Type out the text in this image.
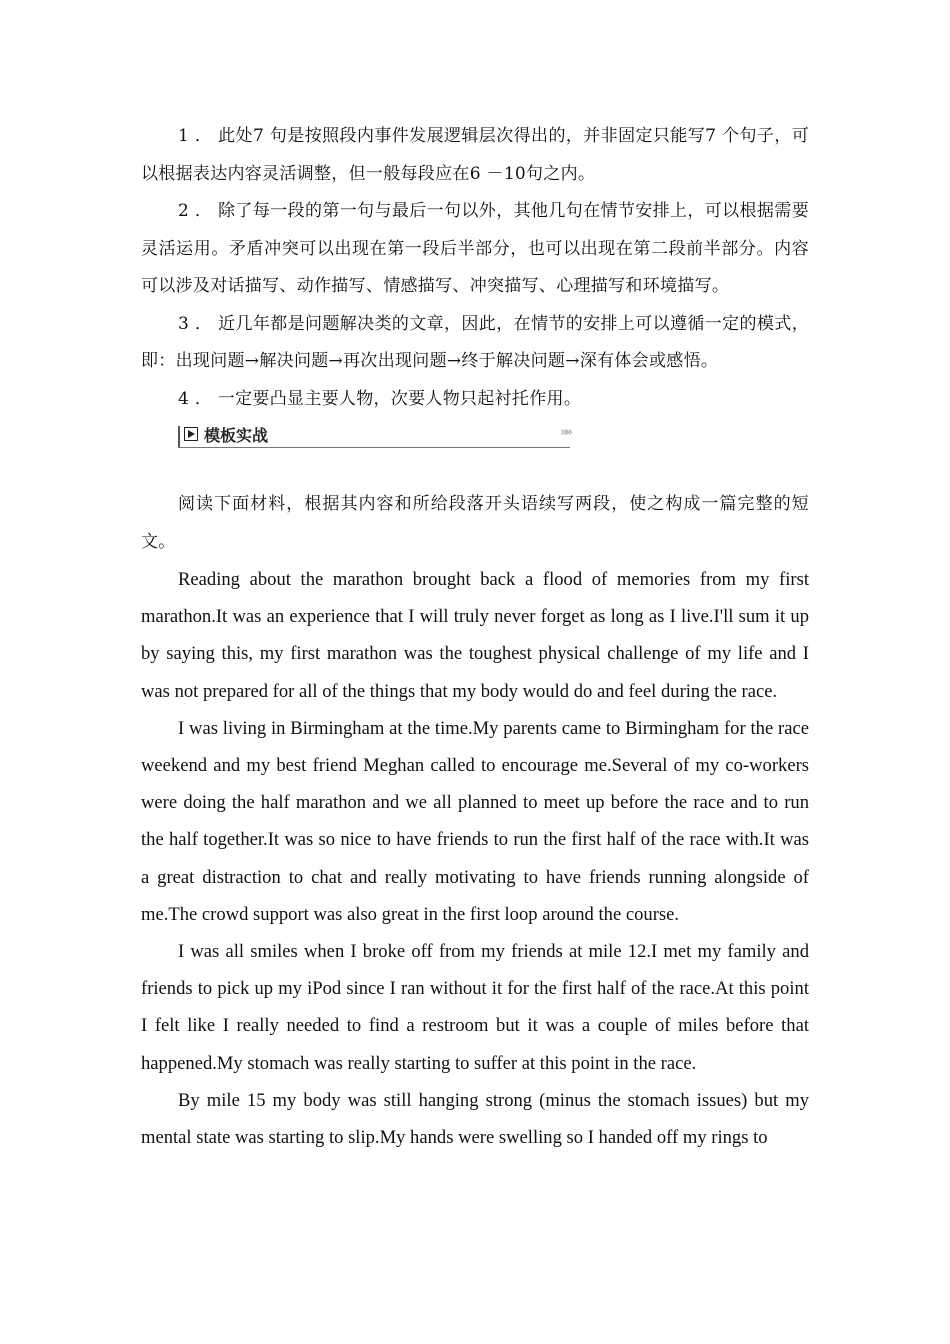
1 ． 此处7 句是按照段内事件发展逻辑层次得出的，并非固定只能写7 个句子，可以根据表达内容灵活调整，但一般每段应在6 －10句之内。

2 ． 除了每一段的第一句与最后一句以外，其他几句在情节安排上，可以根据需要灵活运用。矛盾冲突可以出现在第一段后半部分，也可以出现在第二段前半部分。内容可以涉及对话描写、动作描写、情感描写、冲突描写、心理描写和环境描写。

3 ． 近几年都是问题解决类的文章，因此，在情节的安排上可以遵循一定的模式，即：出现问题→解决问题→再次出现问题→终于解决问题→深有体会或感悟。

4 ． 一定要凸显主要人物，次要人物只起衬托作用。

模板实战	»»

阅读下面材料，根据其内容和所给段落开头语续写两段，使之构成一篇完整的短文。

Reading about the marathon brought back a flood of memories from my first marathon.It was an experience that I will truly never forget as long as I live.I'll sum it up by saying this, my first marathon was the toughest physical challenge of my life and I was not prepared for all of the things that my body would do and feel during the race.

I was living in Birmingham at the time.My parents came to Birmingham for the race weekend and my best friend Meghan called to encourage me.Several of my co-workers were doing the half marathon and we all planned to meet up before the race and to run the half together.It was so nice to have friends to run the first half of the race with.It was a great distraction to chat and really motivating to have friends running alongside of me.The crowd support was also great in the first loop around the course.

I was all smiles when I broke off from my friends at mile 12.I met my family and friends to pick up my iPod since I ran without it for the first half of the race.At this point I felt like I really needed to find a restroom but it was a couple of miles before that happened.My stomach was really starting to suffer at this point in the race.

By mile 15 my body was still hanging strong (minus the stomach issues) but my mental state was starting to slip.My hands were swelling so I handed off my rings to
